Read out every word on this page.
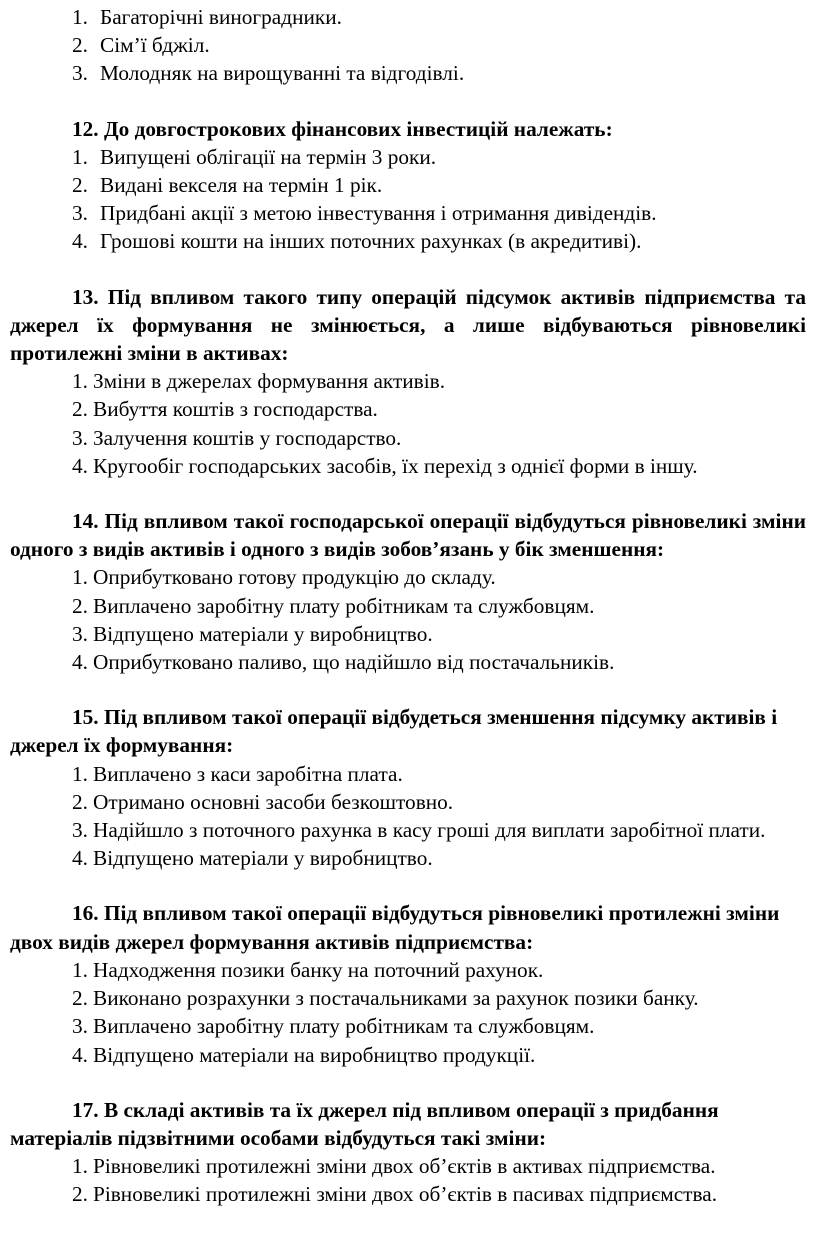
1. Багаторічні виноградники.
2. Сім’ї бджіл.
3. Молодняк на вирощуванні та відгодівлі.

12. До довгострокових фінансових інвестицій належать:

1. Випущені облігації на термін 3 роки.
2. Видані векселя на термін 1 рік.
3. Придбані акції з метою інвестування і отримання дивідендів.
4. Грошові кошти на інших поточних рахунках (в акредитиві).

13. Під впливом такого типу операцій підсумок активів підприємства та джерел їх формування не змінюється, а лише відбуваються рівновеликі протилежні зміни в активах:

1. Зміни в джерелах формування активів.

2. Вибуття коштів з господарства.

3. Залучення коштів у господарство.

4. Кругообіг господарських засобів, їх перехід з однієї форми в іншу.

14. Під впливом такої господарської операції відбудуться рівновеликі зміни одного з видів активів і одного з видів зобов’язань у бік зменшення:

1. Оприбутковано готову продукцію до складу.

2. Виплачено заробітну плату робітникам та службовцям.

3. Відпущено матеріали у виробництво.

4. Оприбутковано паливо, що надійшло від постачальників.

15. Під впливом такої операції відбудеться зменшення підсумку активів і джерел їх формування:

1. Виплачено з каси заробітна плата.

2. Отримано основні засоби безкоштовно.

3. Надійшло з поточного рахунка в касу гроші для виплати заробітної плати.

4. Відпущено матеріали у виробництво.

16. Під впливом такої операції відбудуться рівновеликі протилежні зміни двох видів джерел формування активів підприємства:

1. Надходження позики банку на поточний рахунок.

2. Виконано розрахунки з постачальниками за рахунок позики банку.

3. Виплачено заробітну плату робітникам та службовцям.

4. Відпущено матеріали на виробництво продукції.

17. В складі активів та їх джерел під впливом операції з придбання матеріалів підзвітними особами відбудуться такі зміни:

1. Рівновеликі протилежні зміни двох об’єктів в активах підприємства.

2. Рівновеликі протилежні зміни двох об’єктів в пасивах підприємства.
